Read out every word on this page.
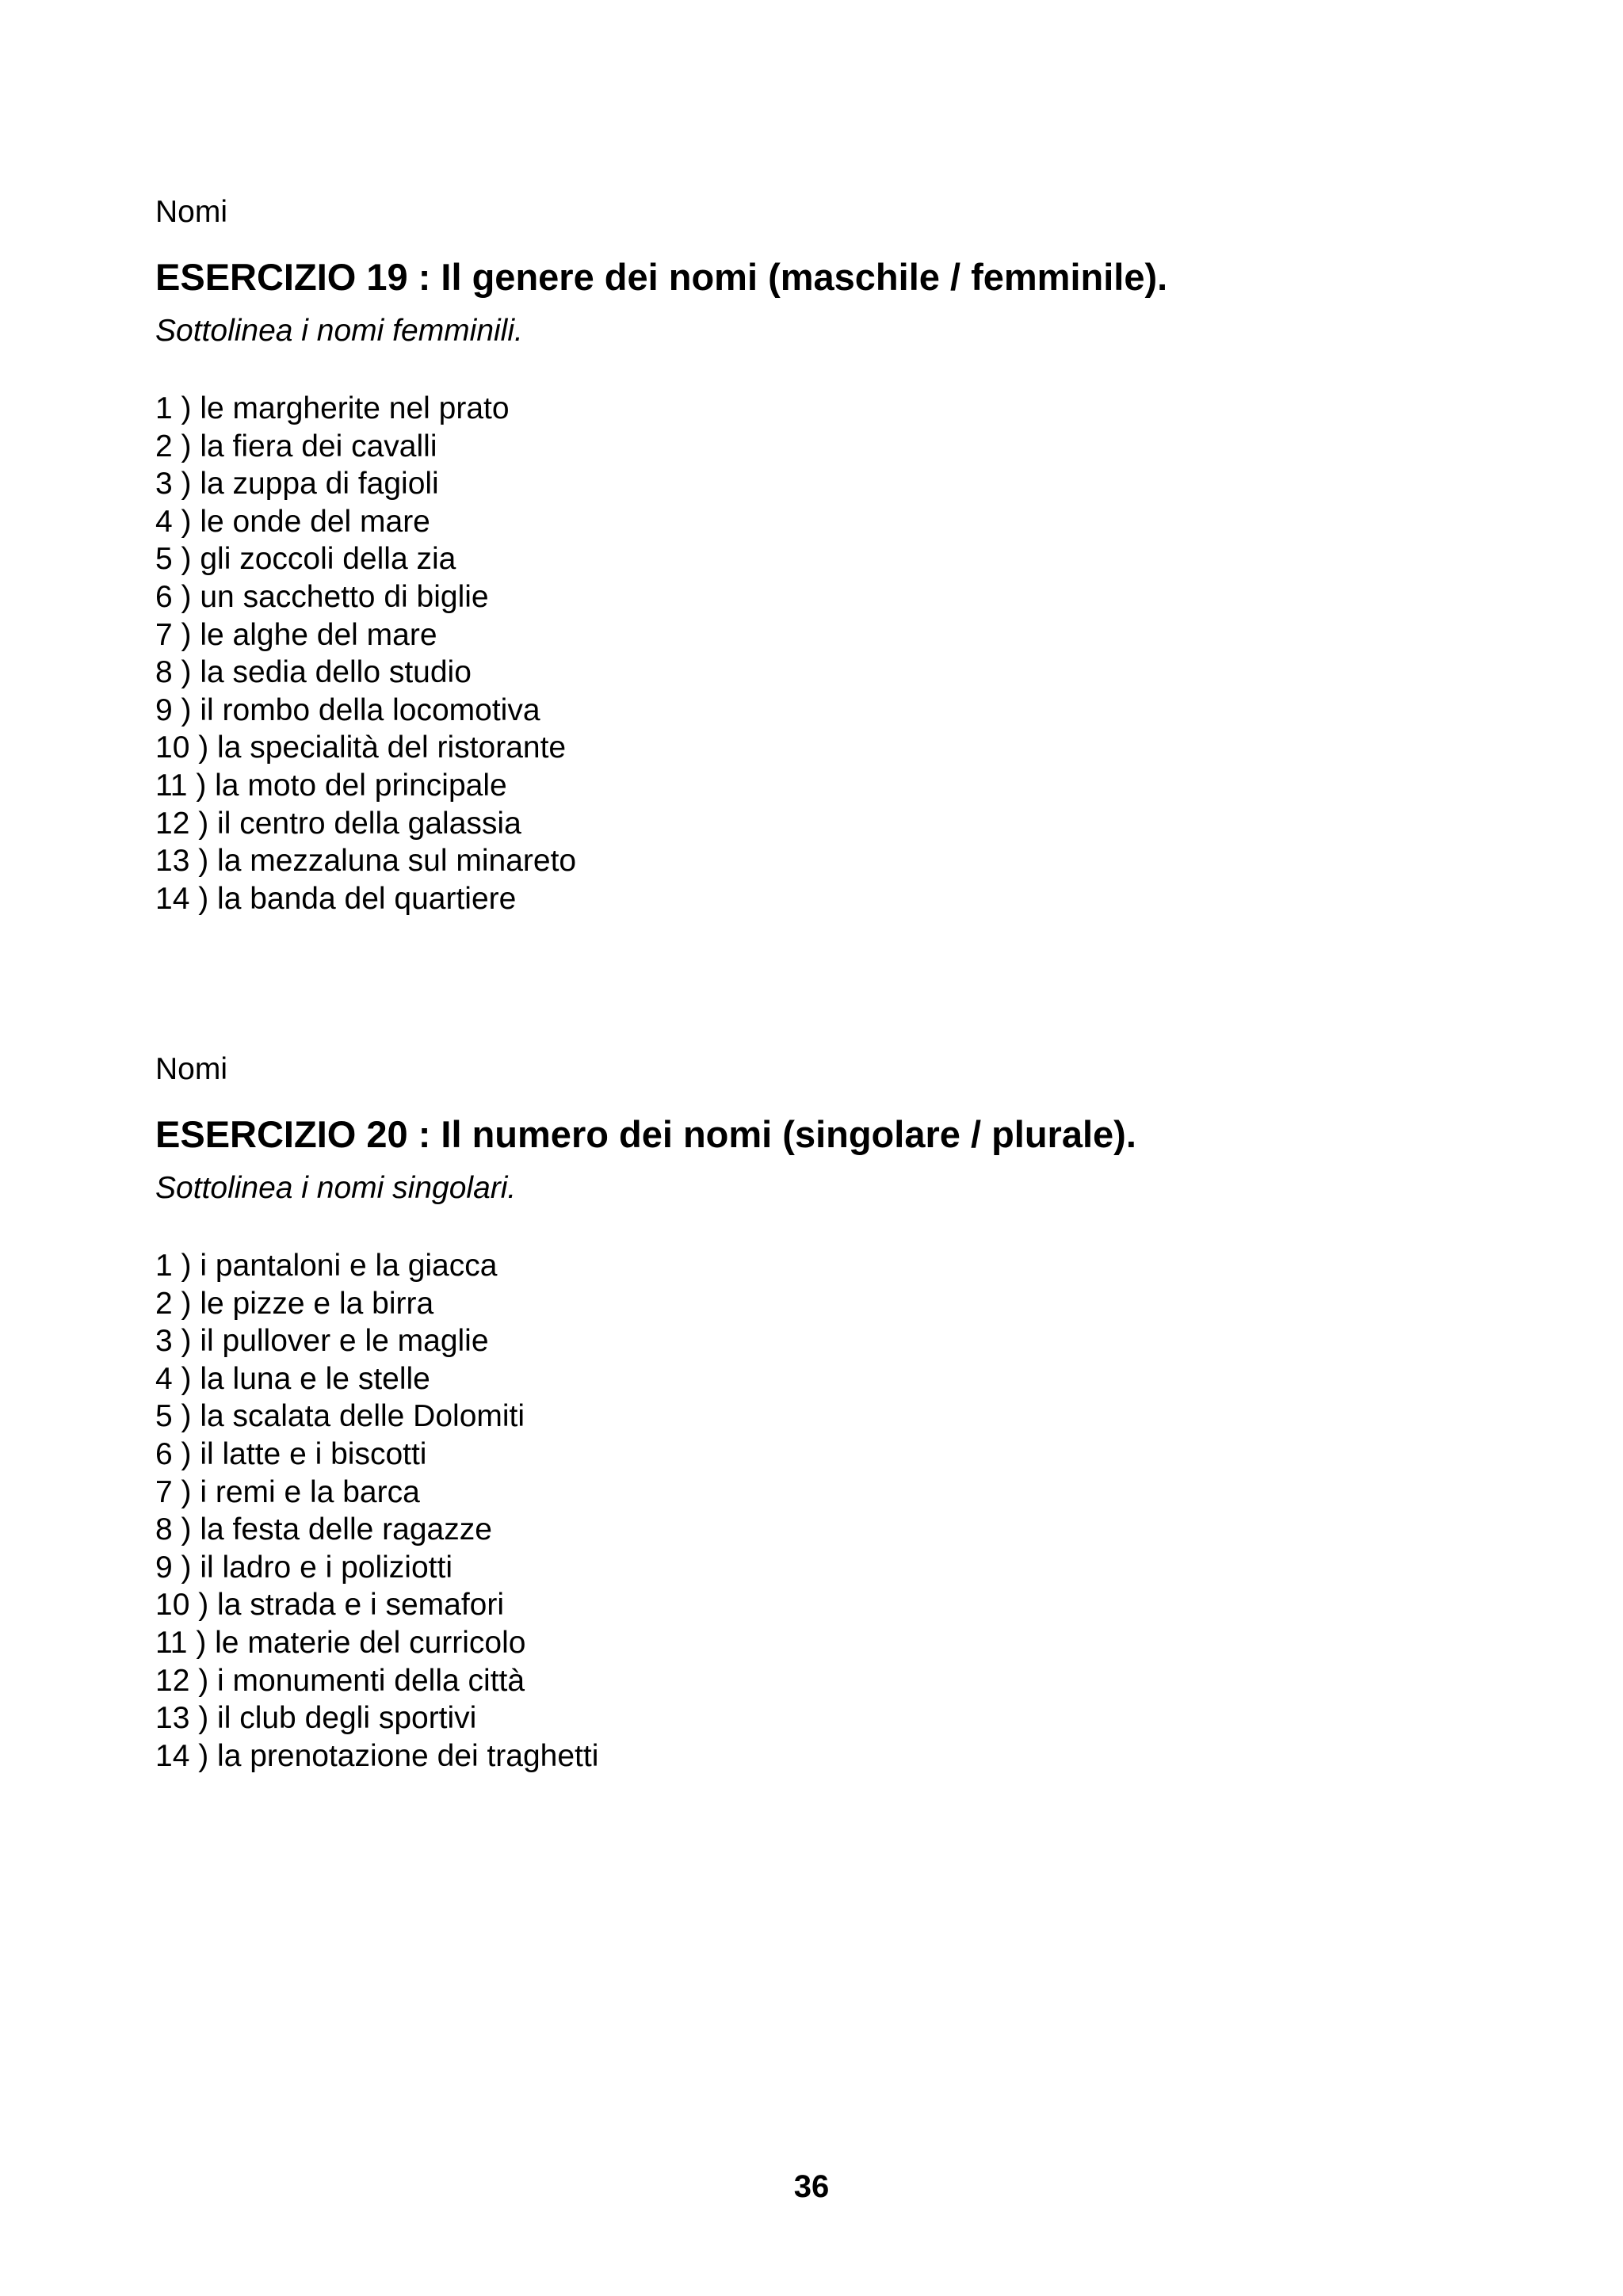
Nomi

ESERCIZIO 19 : Il genere dei nomi (maschile / femminile).

Sottolinea i nomi femminili.

1 ) le margherite nel prato
2 ) la fiera dei cavalli
3 ) la zuppa di fagioli
4 ) le onde del mare
5 ) gli zoccoli della zia
6 ) un sacchetto di biglie
7 ) le alghe del mare
8 ) la sedia dello studio
9 ) il rombo della locomotiva
10 ) la specialità del ristorante
11 ) la moto del principale
12 ) il centro della galassia
13 ) la mezzaluna sul minareto
14 ) la banda del quartiere

Nomi

ESERCIZIO 20 : Il numero dei nomi (singolare / plurale).

Sottolinea i nomi singolari.

1 ) i pantaloni e la giacca
2 ) le pizze e la birra
3 ) il pullover e le maglie
4 ) la luna e le stelle
5 ) la scalata delle Dolomiti
6 ) il latte e i biscotti
7 ) i remi e la barca
8 ) la festa delle ragazze
9 ) il ladro e i poliziotti
10 ) la strada e i semafori
11 ) le materie del curricolo
12 ) i monumenti della città
13 ) il club degli sportivi
14 ) la prenotazione dei traghetti

36
